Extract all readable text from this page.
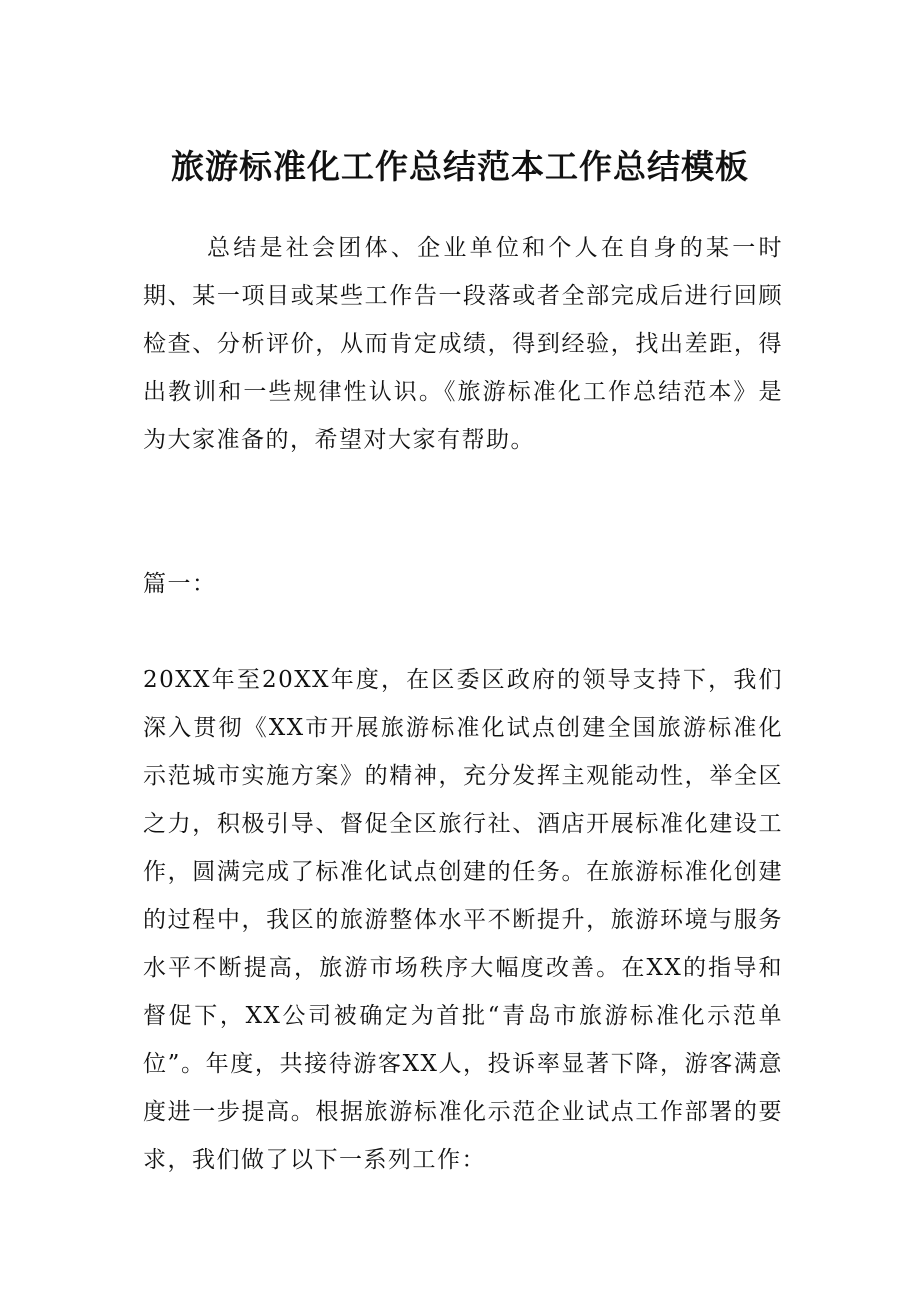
旅游标准化工作总结范本工作总结模板

总结是社会团体、企业单位和个人在自身的某一时期、某一项目或某些工作告一段落或者全部完成后进行回顾检查、分析评价，从而肯定成绩，得到经验，找出差距，得出教训和一些规律性认识。《旅游标准化工作总结范本》是为大家准备的，希望对大家有帮助。

篇一：

20XX年至20XX年度，在区委区政府的领导支持下，我们深入贯彻《XX市开展旅游标准化试点创建全国旅游标准化示范城市实施方案》的精神，充分发挥主观能动性，举全区之力，积极引导、督促全区旅行社、酒店开展标准化建设工作，圆满完成了标准化试点创建的任务。在旅游标准化创建的过程中，我区的旅游整体水平不断提升，旅游环境与服务水平不断提高，旅游市场秩序大幅度改善。在XX的指导和督促下，XX公司被确定为首批“青岛市旅游标准化示范单位”。年度，共接待游客XX人，投诉率显著下降，游客满意度进一步提高。根据旅游标准化示范企业试点工作部署的要求，我们做了以下一系列工作：
